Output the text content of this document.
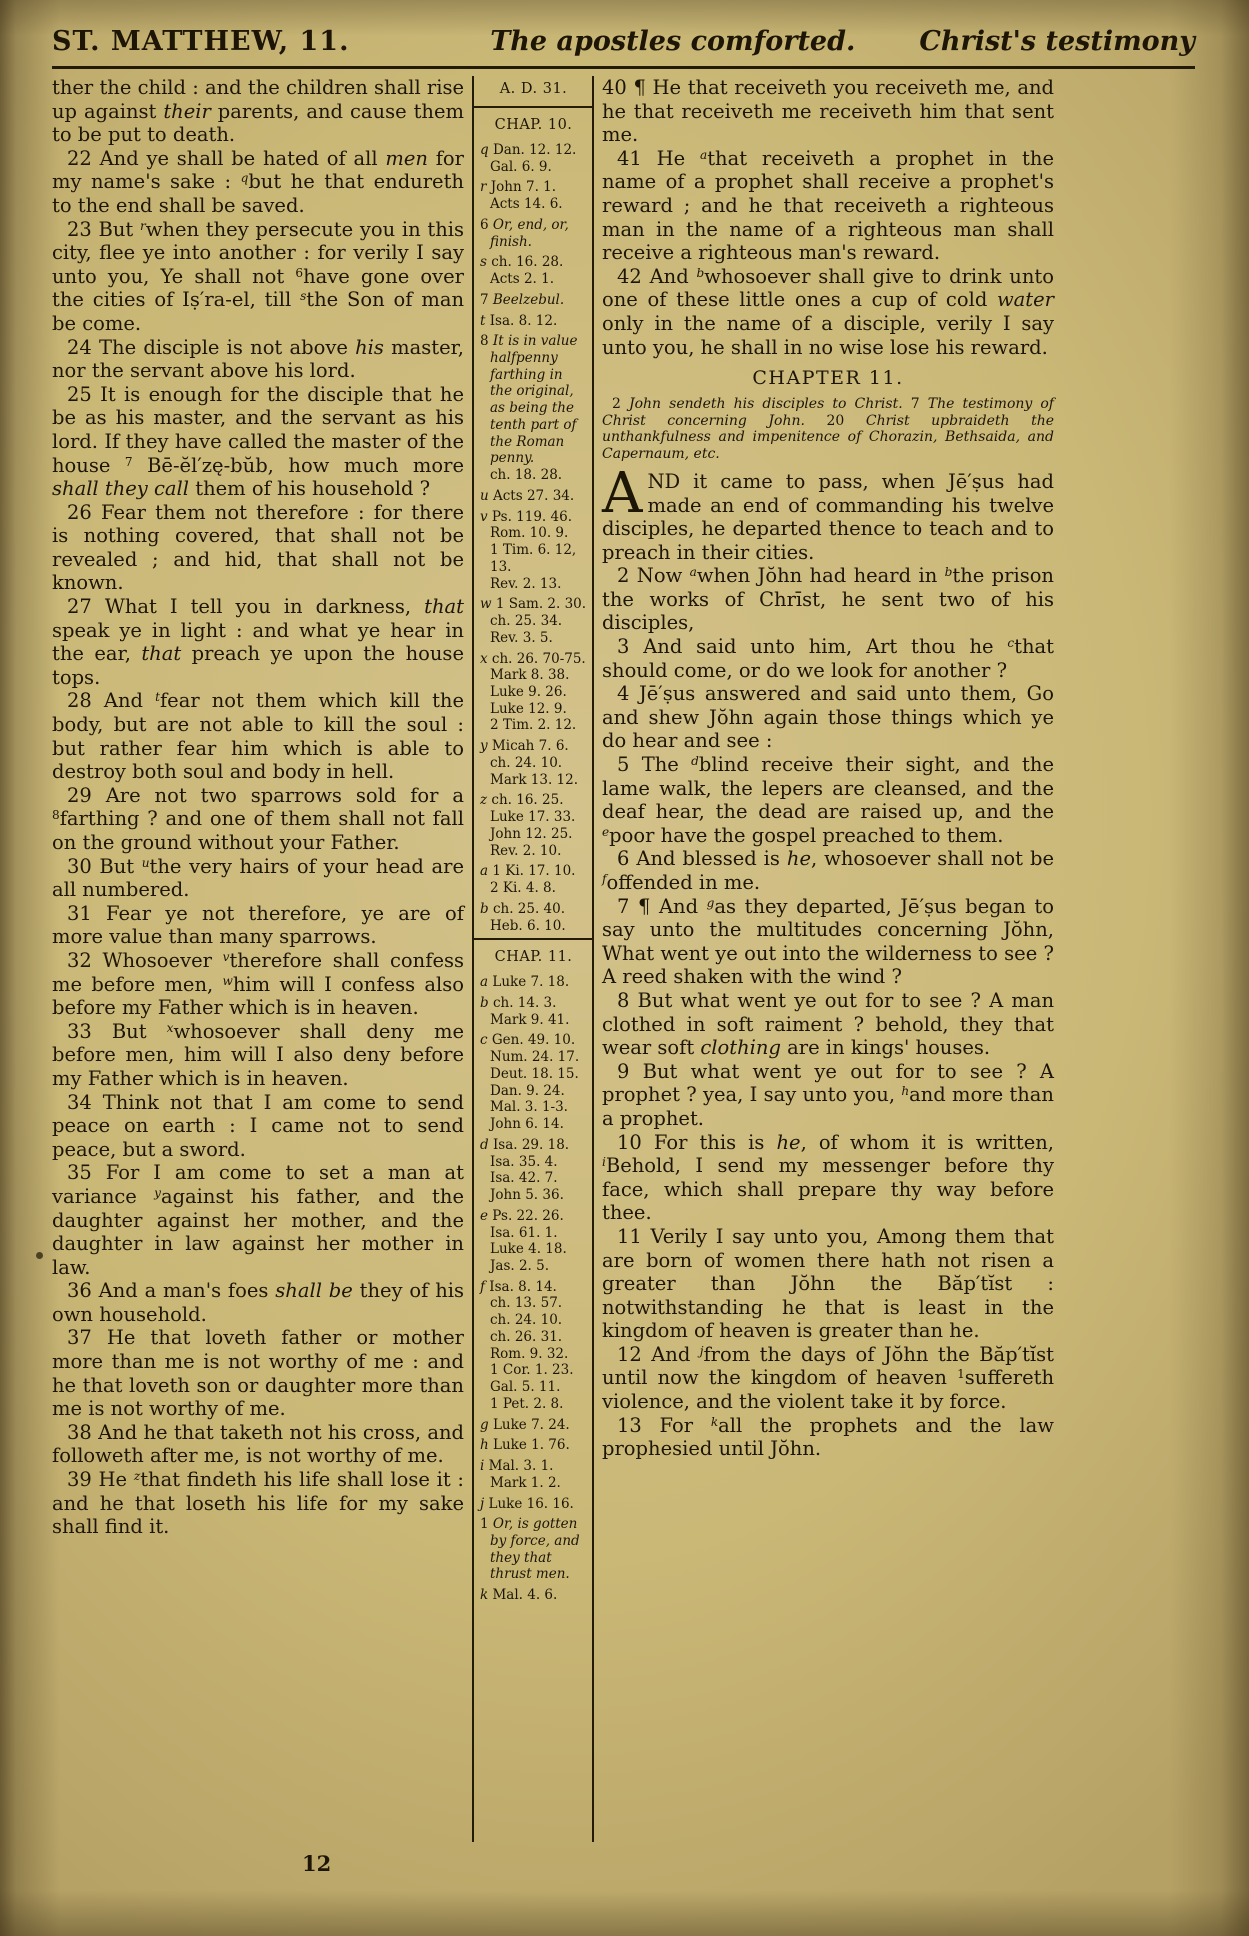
ST. MATTHEW, 11.	The apostles comforted. Christ's testimony

ther the child : and the children shall rise up against their parents, and cause them to be put to death.

22 And ye shall be hated of all men for my name's sake : $^q$but he that endureth to the end shall be saved.

23 But $^r$when they persecute you in this city, flee ye into another : for verily I say unto you, Ye shall not $^6$have gone over the cities of Iṣ′ra-el, till $^s$the Son of man be come.

24 The disciple is not above his master, nor the servant above his lord.

25 It is enough for the disciple that he be as his master, and the servant as his lord. If they have called the master of the house $^7$ Bē-ĕl′zę-bŭb, how much more shall they call them of his household ?

26 Fear them not therefore : for there is nothing covered, that shall not be revealed ; and hid, that shall not be known.

27 What I tell you in darkness, that speak ye in light : and what ye hear in the ear, that preach ye upon the house tops.

28 And $^t$fear not them which kill the body, but are not able to kill the soul : but rather fear him which is able to destroy both soul and body in hell.

29 Are not two sparrows sold for a $^8$farthing ? and one of them shall not fall on the ground without your Father.

30 But $^u$the very hairs of your head are all numbered.

31 Fear ye not therefore, ye are of more value than many sparrows.

32 Whosoever $^v$therefore shall confess me before men, $^w$him will I confess also before my Father which is in heaven.

33 But $^x$whosoever shall deny me before men, him will I also deny before my Father which is in heaven.

34 Think not that I am come to send peace on earth : I came not to send peace, but a sword.

35 For I am come to set a man at variance $^y$against his father, and the daughter against her mother, and the daughter in law against her mother in law.

36 And a man's foes shall be they of his own household.

37 He that loveth father or mother more than me is not worthy of me : and he that loveth son or daughter more than me is not worthy of me.

38 And he that taketh not his cross, and followeth after me, is not worthy of me.

39 He $^z$that findeth his life shall lose it : and he that loseth his life for my sake shall find it.

A. D. 31.
CHAP. 10.
q Dan. 12. 12.
Gal. 6. 9.
r John 7. 1.
Acts 14. 6.
6 Or, end, or, finish.
s ch. 16. 28.
Acts 2. 1.
7 Beelzebul.
t Isa. 8. 12.
8 It is in value halfpenny farthing in the original, as being the tenth part of the Roman penny.
ch. 18. 28.
u Acts 27. 34.
v Ps. 119. 46.
Rom. 10. 9.
1 Tim. 6. 12, 13.
Rev. 2. 13.
w 1 Sam. 2. 30.
ch. 25. 34.
Rev. 3. 5.
x ch. 26. 70-75.
Mark 8. 38.
Luke 9. 26.
Luke 12. 9.
2 Tim. 2. 12.
y Micah 7. 6.
ch. 24. 10.
Mark 13. 12.
z ch. 16. 25.
Luke 17. 33.
John 12. 25.
Rev. 2. 10.
a 1 Ki. 17. 10.
2 Ki. 4. 8.
b ch. 25. 40.
Heb. 6. 10.
CHAP. 11.
a Luke 7. 18.
b ch. 14. 3.
Mark 9. 41.
c Gen. 49. 10.
Num. 24. 17.
Deut. 18. 15.
Dan. 9. 24.
Mal. 3. 1-3.
John 6. 14.
d Isa. 29. 18.
Isa. 35. 4.
Isa. 42. 7.
John 5. 36.
e Ps. 22. 26.
Isa. 61. 1.
Luke 4. 18.
Jas. 2. 5.
f Isa. 8. 14.
ch. 13. 57.
ch. 24. 10.
ch. 26. 31.
Rom. 9. 32.
1 Cor. 1. 23.
Gal. 5. 11.
1 Pet. 2. 8.
g Luke 7. 24.
h Luke 1. 76.
i Mal. 3. 1.
Mark 1. 2.
j Luke 16. 16.
1 Or, is gotten by force, and they that thrust men.
k Mal. 4. 6.

40 ¶ He that receiveth you receiveth me, and he that receiveth me receiveth him that sent me.

41 He $^a$that receiveth a prophet in the name of a prophet shall receive a prophet's reward ; and he that receiveth a righteous man in the name of a righteous man shall receive a righteous man's reward.

42 And $^b$whosoever shall give to drink unto one of these little ones a cup of cold water only in the name of a disciple, verily I say unto you, he shall in no wise lose his reward.

CHAPTER 11.

2 John sendeth his disciples to Christ. 7 The testimony of Christ concerning John. 20 Christ upbraideth the unthankfulness and impenitence of Chorazin, Bethsaida, and Capernaum, etc.

AND it came to pass, when Jē′ṣus had made an end of commanding his twelve disciples, he departed thence to teach and to preach in their cities.

2 Now $^a$when Jŏhn had heard in $^b$the prison the works of Chrīst, he sent two of his disciples,

3 And said unto him, Art thou he $^c$that should come, or do we look for another ?

4 Jē′ṣus answered and said unto them, Go and shew Jŏhn again those things which ye do hear and see :

5 The $^d$blind receive their sight, and the lame walk, the lepers are cleansed, and the deaf hear, the dead are raised up, and the $^e$poor have the gospel preached to them.

6 And blessed is he, whosoever shall not be $^f$offended in me.

7 ¶ And $^g$as they departed, Jē′ṣus began to say unto the multitudes concerning Jŏhn, What went ye out into the wilderness to see ? A reed shaken with the wind ?

8 But what went ye out for to see ? A man clothed in soft raiment ? behold, they that wear soft clothing are in kings' houses.

9 But what went ye out for to see ? A prophet ? yea, I say unto you, $^h$and more than a prophet.

10 For this is he, of whom it is written, $^i$Behold, I send my messenger before thy face, which shall prepare thy way before thee.

11 Verily I say unto you, Among them that are born of women there hath not risen a greater than Jŏhn the Băp′tĭst : notwithstanding he that is least in the kingdom of heaven is greater than he.

12 And $^j$from the days of Jŏhn the Băp′tĭst until now the kingdom of heaven $^1$suffereth violence, and the violent take it by force.

13 For $^k$all the prophets and the law prophesied until Jŏhn.

12
